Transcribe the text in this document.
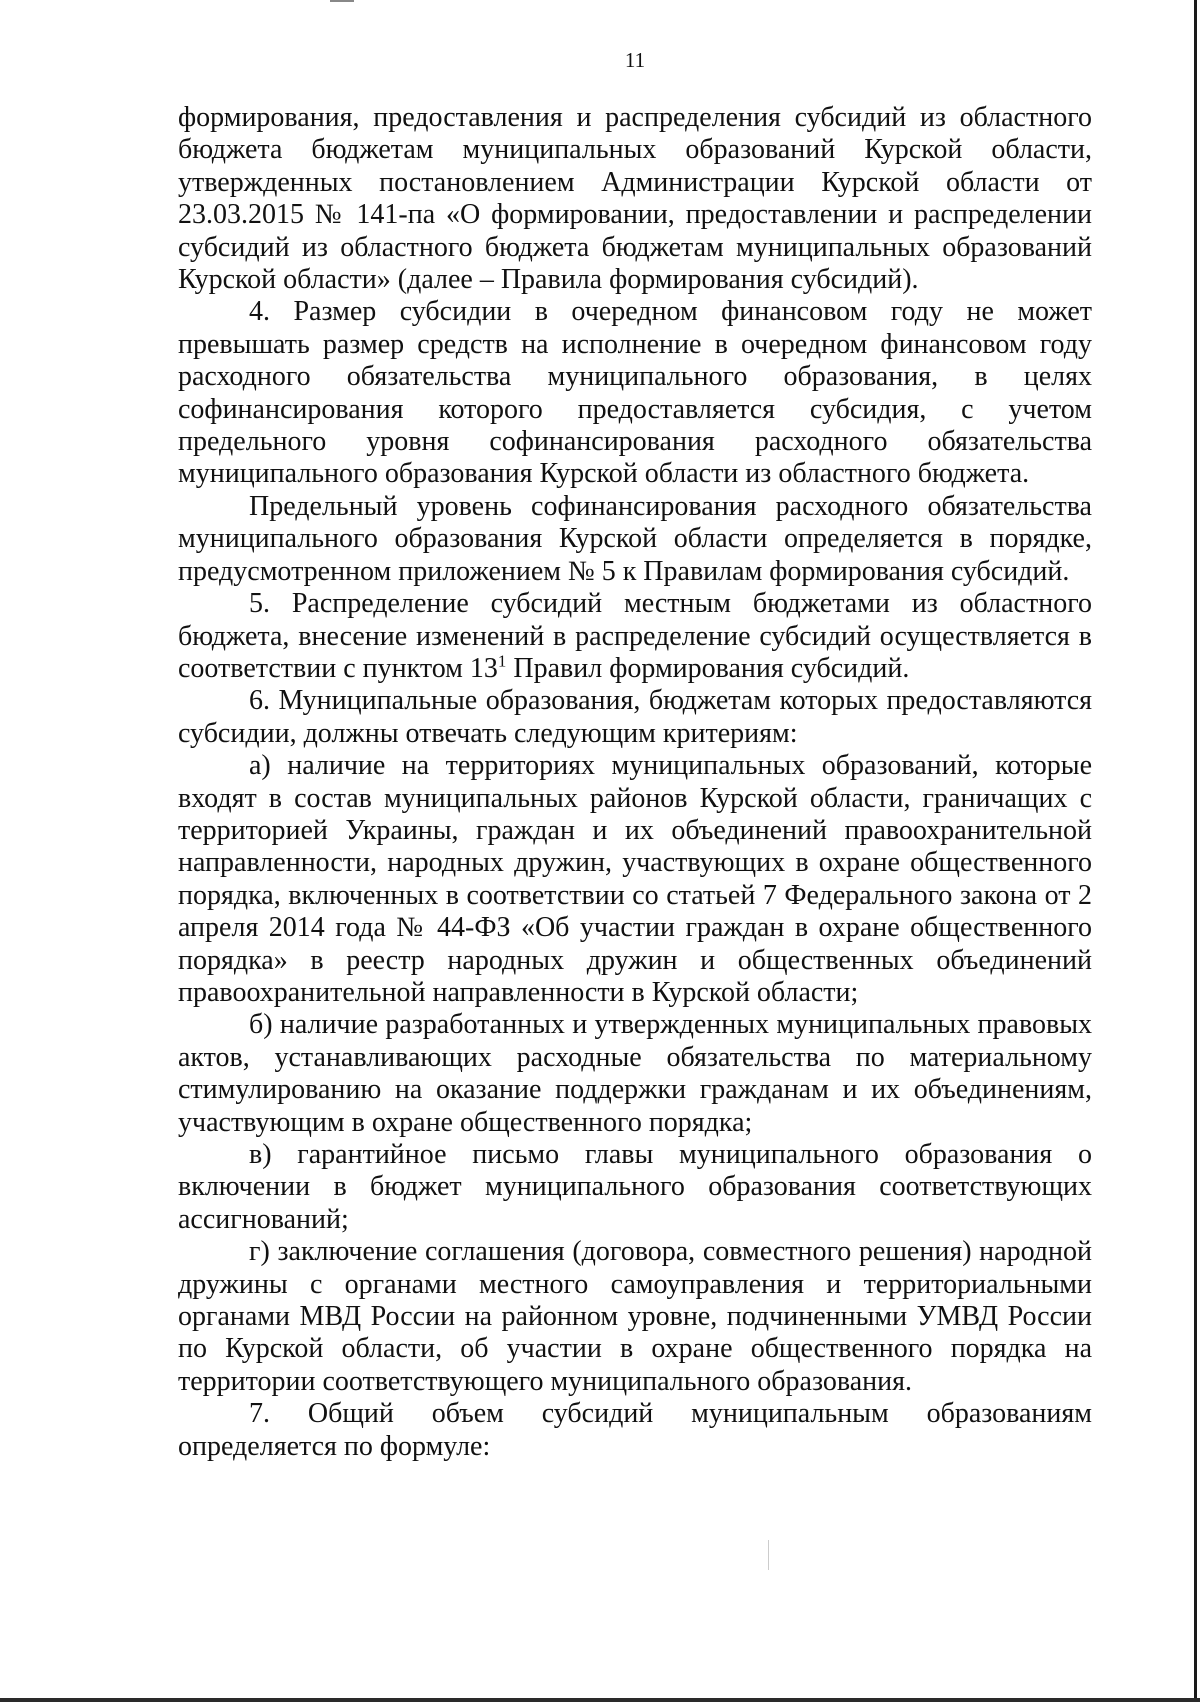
11

формирования, предоставления и распределения субсидий из областного бюджета бюджетам муниципальных образований Курской области, утвержденных постановлением Администрации Курской области от 23.03.2015 № 141-па «О формировании, предоставлении и распределении субсидий из областного бюджета бюджетам муниципальных образований Курской области» (далее – Правила формирования субсидий).

4. Размер субсидии в очередном финансовом году не может превышать размер средств на исполнение в очередном финансовом году расходного обязательства муниципального образования, в целях софинансирования которого предоставляется субсидия, с учетом предельного уровня софинансирования расходного обязательства муниципального образования Курской области из областного бюджета.

Предельный уровень софинансирования расходного обязательства муниципального образования Курской области определяется в порядке, предусмотренном приложением № 5 к Правилам формирования субсидий.

5. Распределение субсидий местным бюджетами из областного бюджета, внесение изменений в распределение субсидий осуществляется в соответствии с пунктом $13^1$ Правил формирования субсидий.

6. Муниципальные образования, бюджетам которых предоставляются субсидии, должны отвечать следующим критериям:

а) наличие на территориях муниципальных образований, которые входят в состав муниципальных районов Курской области, граничащих с территорией Украины, граждан и их объединений правоохранительной направленности, народных дружин, участвующих в охране общественного порядка, включенных в соответствии со статьей 7 Федерального закона от 2 апреля 2014 года № 44-ФЗ «Об участии граждан в охране общественного порядка» в реестр народных дружин и общественных объединений правоохранительной направленности в Курской области;

б) наличие разработанных и утвержденных муниципальных правовых актов, устанавливающих расходные обязательства по материальному стимулированию на оказание поддержки гражданам и их объединениям, участвующим в охране общественного порядка;

в) гарантийное письмо главы муниципального образования о включении в бюджет муниципального образования соответствующих ассигнований;

г) заключение соглашения (договора, совместного решения) народной дружины с органами местного самоуправления и территориальными органами МВД России на районном уровне, подчиненными УМВД России по Курской области, об участии в охране общественного порядка на территории соответствующего муниципального образования.

7. Общий объем субсидий муниципальным образованиям определяется по формуле:
